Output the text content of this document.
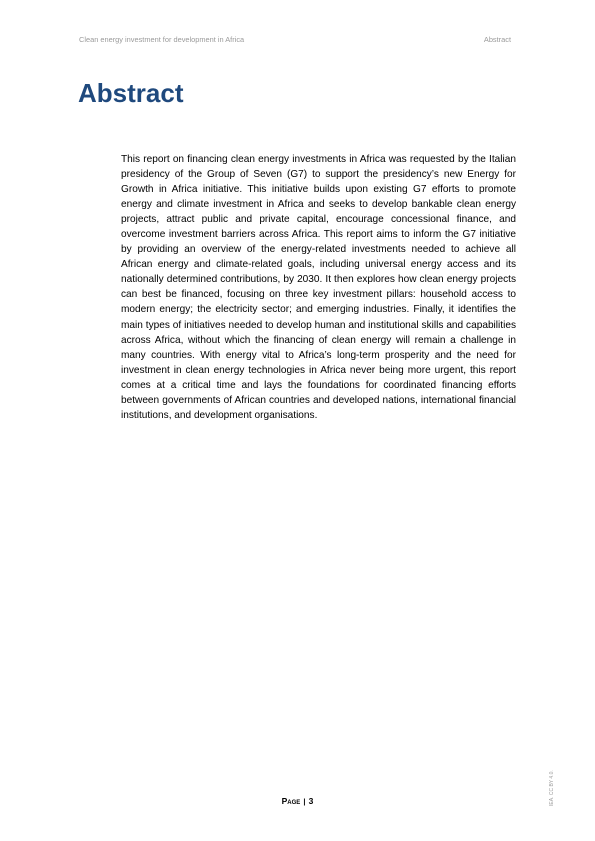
Clean energy investment for development in Africa	Abstract
Abstract

This report on financing clean energy investments in Africa was requested by the Italian presidency of the Group of Seven (G7) to support the presidency’s new Energy for Growth in Africa initiative. This initiative builds upon existing G7 efforts to promote energy and climate investment in Africa and seeks to develop bankable clean energy projects, attract public and private capital, encourage concessional finance, and overcome investment barriers across Africa. This report aims to inform the G7 initiative by providing an overview of the energy-related investments needed to achieve all African energy and climate-related goals, including universal energy access and its nationally determined contributions, by 2030. It then explores how clean energy projects can best be financed, focusing on three key investment pillars: household access to modern energy; the electricity sector; and emerging industries. Finally, it identifies the main types of initiatives needed to develop human and institutional skills and capabilities across Africa, without which the financing of clean energy will remain a challenge in many countries. With energy vital to Africa’s long-term prosperity and the need for investment in clean energy technologies in Africa never being more urgent, this report comes at a critical time and lays the foundations for coordinated financing efforts between governments of African countries and developed nations, international financial institutions, and development organisations.

Page | 3	IEA. CC BY 4.0.
